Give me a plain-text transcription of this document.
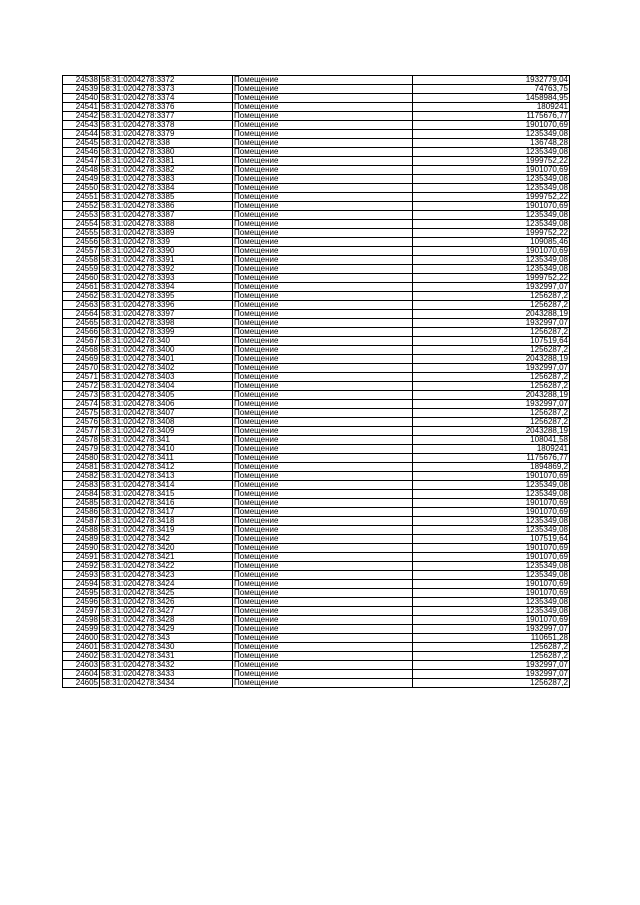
24538	58:31:0204278:3372	Помещение	1932779,04
24539	58:31:0204278:3373	Помещение	74763,75
24540	58:31:0204278:3374	Помещение	1458984,95
24541	58:31:0204278:3376	Помещение	1809241
24542	58:31:0204278:3377	Помещение	1175676,77
24543	58:31:0204278:3378	Помещение	1901070,69
24544	58:31:0204278:3379	Помещение	1235349,08
24545	58:31:0204278:338	Помещение	136748,28
24546	58:31:0204278:3380	Помещение	1235349,08
24547	58:31:0204278:3381	Помещение	1999752,22
24548	58:31:0204278:3382	Помещение	1901070,69
24549	58:31:0204278:3383	Помещение	1235349,08
24550	58:31:0204278:3384	Помещение	1235349,08
24551	58:31:0204278:3385	Помещение	1999752,22
24552	58:31:0204278:3386	Помещение	1901070,69
24553	58:31:0204278:3387	Помещение	1235349,08
24554	58:31:0204278:3388	Помещение	1235349,08
24555	58:31:0204278:3389	Помещение	1999752,22
24556	58:31:0204278:339	Помещение	109085,46
24557	58:31:0204278:3390	Помещение	1901070,69
24558	58:31:0204278:3391	Помещение	1235349,08
24559	58:31:0204278:3392	Помещение	1235349,08
24560	58:31:0204278:3393	Помещение	1999752,22
24561	58:31:0204278:3394	Помещение	1932997,07
24562	58:31:0204278:3395	Помещение	1256287,2
24563	58:31:0204278:3396	Помещение	1256287,2
24564	58:31:0204278:3397	Помещение	2043288,19
24565	58:31:0204278:3398	Помещение	1932997,07
24566	58:31:0204278:3399	Помещение	1256287,2
24567	58:31:0204278:340	Помещение	107519,64
24568	58:31:0204278:3400	Помещение	1256287,2
24569	58:31:0204278:3401	Помещение	2043288,19
24570	58:31:0204278:3402	Помещение	1932997,07
24571	58:31:0204278:3403	Помещение	1256287,2
24572	58:31:0204278:3404	Помещение	1256287,2
24573	58:31:0204278:3405	Помещение	2043288,19
24574	58:31:0204278:3406	Помещение	1932997,07
24575	58:31:0204278:3407	Помещение	1256287,2
24576	58:31:0204278:3408	Помещение	1256287,2
24577	58:31:0204278:3409	Помещение	2043288,19
24578	58:31:0204278:341	Помещение	108041,58
24579	58:31:0204278:3410	Помещение	1809241
24580	58:31:0204278:3411	Помещение	1175676,77
24581	58:31:0204278:3412	Помещение	1894869,2
24582	58:31:0204278:3413	Помещение	1901070,69
24583	58:31:0204278:3414	Помещение	1235349,08
24584	58:31:0204278:3415	Помещение	1235349,08
24585	58:31:0204278:3416	Помещение	1901070,69
24586	58:31:0204278:3417	Помещение	1901070,69
24587	58:31:0204278:3418	Помещение	1235349,08
24588	58:31:0204278:3419	Помещение	1235349,08
24589	58:31:0204278:342	Помещение	107519,64
24590	58:31:0204278:3420	Помещение	1901070,69
24591	58:31:0204278:3421	Помещение	1901070,69
24592	58:31:0204278:3422	Помещение	1235349,08
24593	58:31:0204278:3423	Помещение	1235349,08
24594	58:31:0204278:3424	Помещение	1901070,69
24595	58:31:0204278:3425	Помещение	1901070,69
24596	58:31:0204278:3426	Помещение	1235349,08
24597	58:31:0204278:3427	Помещение	1235349,08
24598	58:31:0204278:3428	Помещение	1901070,69
24599	58:31:0204278:3429	Помещение	1932997,07
24600	58:31:0204278:343	Помещение	110651,28
24601	58:31:0204278:3430	Помещение	1256287,2
24602	58:31:0204278:3431	Помещение	1256287,2
24603	58:31:0204278:3432	Помещение	1932997,07
24604	58:31:0204278:3433	Помещение	1932997,07
24605	58:31:0204278:3434	Помещение	1256287,2
